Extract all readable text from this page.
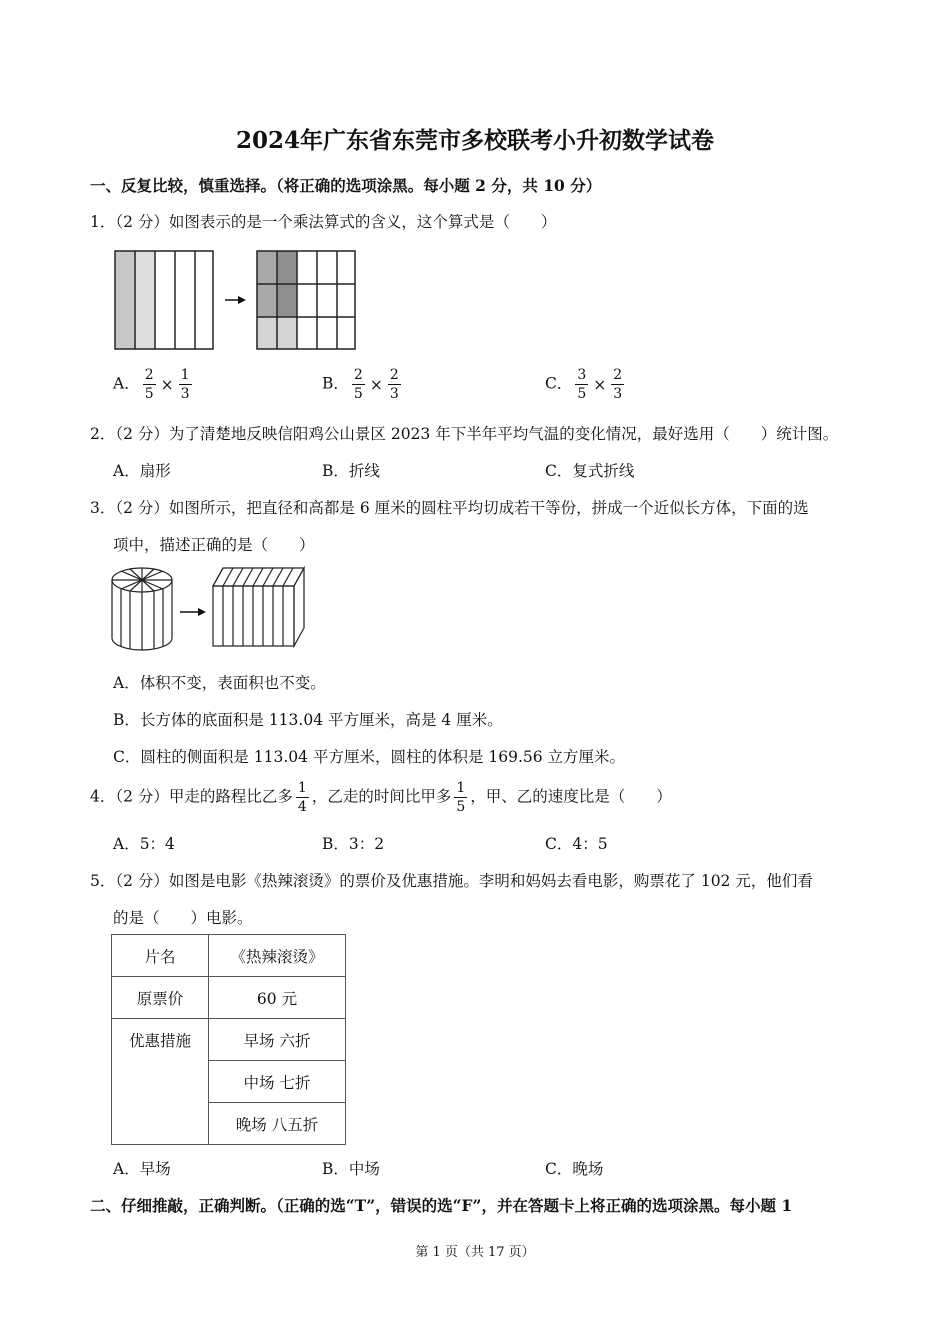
2024年广东省东莞市多校联考小升初数学试卷
一、反复比较，慎重选择。（将正确的选项涂黑。每小题 2 分，共 10 分）
1．（2 分）如图表示的是一个乘法算式的含义，这个算式是（　　）
A． $\frac{2}{5} \times \frac{1}{3}$	B． $\frac{2}{5} \times \frac{2}{3}$	C． $\frac{3}{5} \times \frac{2}{3}$
2．（2 分）为了清楚地反映信阳鸡公山景区 2023 年下半年平均气温的变化情况，最好选用（　　）统计图。
A．扇形	B．折线	C．复式折线
3．（2 分）如图所示，把直径和高都是 6 厘米的圆柱平均切成若干等份，拼成一个近似长方体，下面的选
项中，描述正确的是（　　）
A．体积不变，表面积也不变。
B．长方体的底面积是 113.04 平方厘米，高是 4 厘米。
C．圆柱的侧面积是 113.04 平方厘米，圆柱的体积是 169.56 立方厘米。
4．（2 分）甲走的路程比乙多 $\frac{1}{4}$ ，乙走的时间比甲多 $\frac{1}{5}$ ，甲、乙的速度比是（　　）
A．5：4	B．3：2	C．4：5
5．（2 分）如图是电影《热辣滚烫》的票价及优惠措施。李明和妈妈去看电影，购票花了 102 元，他们看
的是（　　）电影。
片名	《热辣滚烫》
原票价	60 元
优惠措施	早场 六折
	中场 七折
	晚场 八五折
A．早场	B．中场	C．晚场
二、仔细推敲，正确判断。（正确的选“T”，错误的选“F”，并在答题卡上将正确的选项涂黑。每小题 1
第 1 页（共 17 页）
